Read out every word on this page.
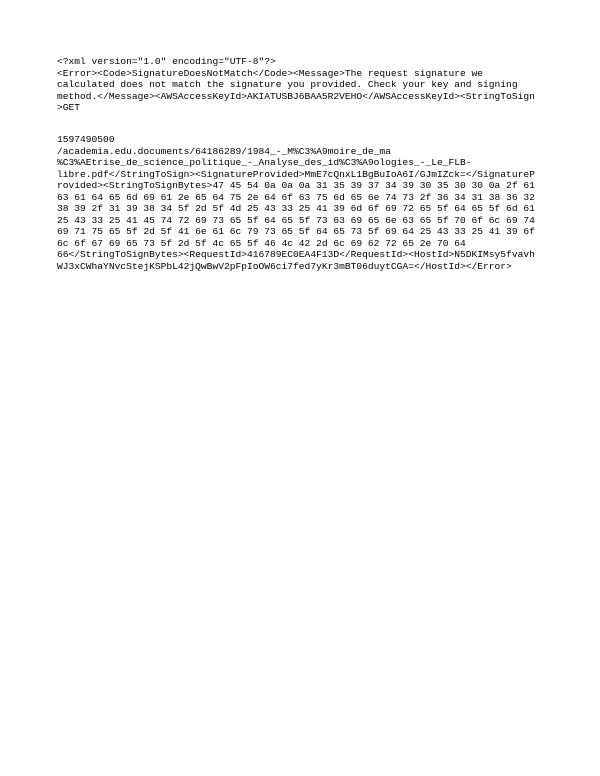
<?xml version="1.0" encoding="UTF-8"?>
<Error><Code>SignatureDoesNotMatch</Code><Message>The request signature we
calculated does not match the signature you provided. Check your key and signing
method.</Message><AWSAccessKeyId>AKIATUSBJ6BAA5R2VEHO</AWSAccessKeyId><StringToSign
>GET
1597490500
/academia.edu.documents/64186289/1984_-_M%C3%A9moire_de_ma
%C3%AEtrise_de_science_politique_-_Analyse_des_id%C3%A9ologies_-_Le_FLB-
libre.pdf</StringToSign><SignatureProvided>MmE7cQnxL1BgBuIoA6I/GJmIZck=</SignatureP
rovided><StringToSignBytes>47 45 54 0a 0a 0a 31 35 39 37 34 39 30 35 30 30 0a 2f 61
63 61 64 65 6d 69 61 2e 65 64 75 2e 64 6f 63 75 6d 65 6e 74 73 2f 36 34 31 38 36 32
38 39 2f 31 39 38 34 5f 2d 5f 4d 25 43 33 25 41 39 6d 6f 69 72 65 5f 64 65 5f 6d 61
25 43 33 25 41 45 74 72 69 73 65 5f 64 65 5f 73 63 69 65 6e 63 65 5f 70 6f 6c 69 74
69 71 75 65 5f 2d 5f 41 6e 61 6c 79 73 65 5f 64 65 73 5f 69 64 25 43 33 25 41 39 6f
6c 6f 67 69 65 73 5f 2d 5f 4c 65 5f 46 4c 42 2d 6c 69 62 72 65 2e 70 64
66</StringToSignBytes><RequestId>416789EC0EA4F13D</RequestId><HostId>N5DKIMsy5fvavh
WJ3xCWhaYNvcStejKSPbL42jQwBwV2pFpIoOW6ci7fed7yKr3mBT06duytCGA=</HostId></Error>
